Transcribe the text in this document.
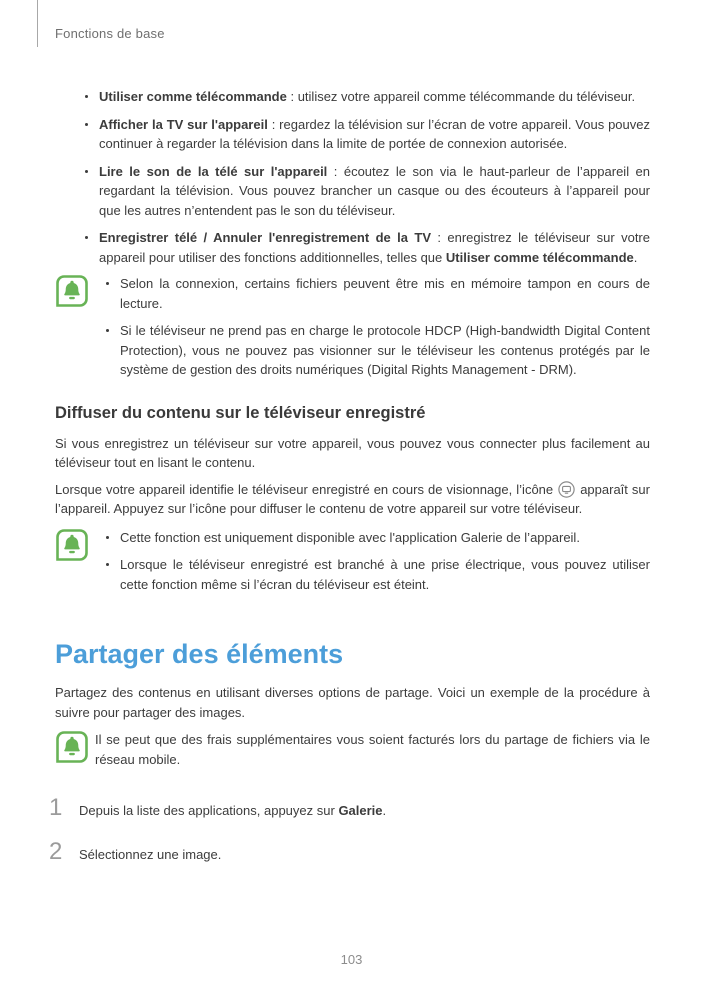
Fonctions de base
Utiliser comme télécommande : utilisez votre appareil comme télécommande du téléviseur.
Afficher la TV sur l'appareil : regardez la télévision sur l’écran de votre appareil. Vous pouvez continuer à regarder la télévision dans la limite de portée de connexion autorisée.
Lire le son de la télé sur l'appareil : écoutez le son via le haut-parleur de l’appareil en regardant la télévision. Vous pouvez brancher un casque ou des écouteurs à l’appareil pour que les autres n’entendent pas le son du téléviseur.
Enregistrer télé / Annuler l'enregistrement de la TV : enregistrez le téléviseur sur votre appareil pour utiliser des fonctions additionnelles, telles que Utiliser comme télécommande.
Selon la connexion, certains fichiers peuvent être mis en mémoire tampon en cours de lecture.
Si le téléviseur ne prend pas en charge le protocole HDCP (High-bandwidth Digital Content Protection), vous ne pouvez pas visionner sur le téléviseur les contenus protégés par le système de gestion des droits numériques (Digital Rights Management - DRM).
Diffuser du contenu sur le téléviseur enregistré

Si vous enregistrez un téléviseur sur votre appareil, vous pouvez vous connecter plus facilement au téléviseur tout en lisant le contenu.

Lorsque votre appareil identifie le téléviseur enregistré en cours de visionnage, l’icône  apparaît sur l’appareil. Appuyez sur l’icône pour diffuser le contenu de votre appareil sur votre téléviseur.

Cette fonction est uniquement disponible avec l'application Galerie de l’appareil.
Lorsque le téléviseur enregistré est branché à une prise électrique, vous pouvez utiliser cette fonction même si l’écran du téléviseur est éteint.
Partager des éléments

Partagez des contenus en utilisant diverses options de partage. Voici un exemple de la procédure à suivre pour partager des images.

Il se peut que des frais supplémentaires vous soient facturés lors du partage de fichiers via le réseau mobile.

1	Depuis la liste des applications, appuyez sur Galerie.
2	Sélectionnez une image.
103
